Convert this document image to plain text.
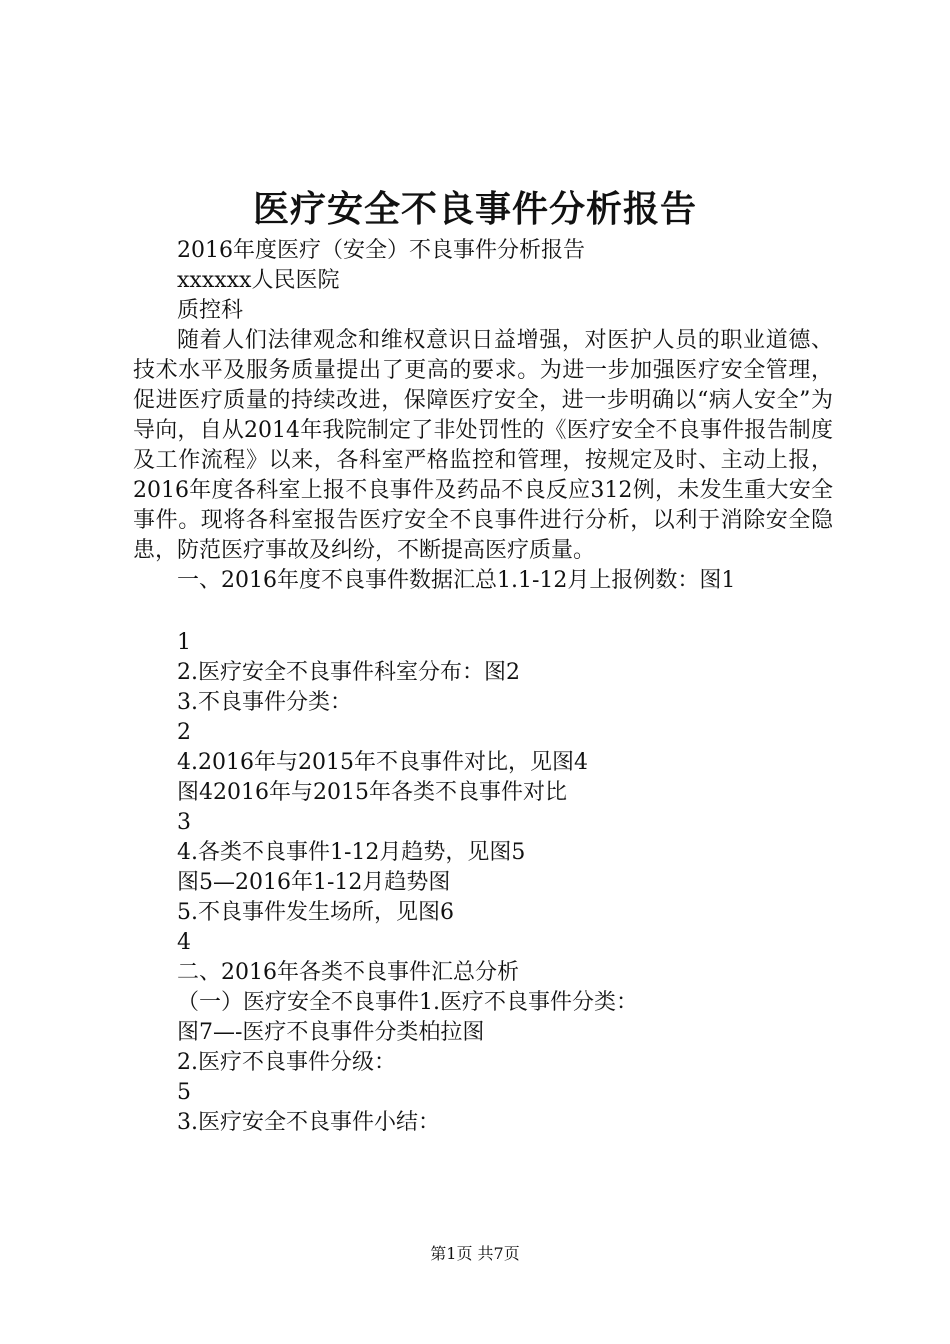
医疗安全不良事件分析报告
2016年度医疗（安全）不良事件分析报告
xxxxxx人民医院
质控科
随着人们法律观念和维权意识日益增强，对医护人员的职业道德、技术水平及服务质量提出了更高的要求。为进一步加强医疗安全管理，促进医疗质量的持续改进，保障医疗安全，进一步明确以“病人安全”为导向，自从2014年我院制定了非处罚性的《医疗安全不良事件报告制度及工作流程》以来，各科室严格监控和管理，按规定及时、主动上报，2016年度各科室上报不良事件及药品不良反应312例，未发生重大安全事件。现将各科室报告医疗安全不良事件进行分析，以利于消除安全隐患，防范医疗事故及纠纷，不断提高医疗质量。
一、2016年度不良事件数据汇总1.1-12月上报例数：图1
1
2.医疗安全不良事件科室分布：图2
3.不良事件分类：
2
4.2016年与2015年不良事件对比，见图4
图42016年与2015年各类不良事件对比
3
4.各类不良事件1-12月趋势，见图5
图5—2016年1-12月趋势图
5.不良事件发生场所，见图6
4
二、2016年各类不良事件汇总分析
（一）医疗安全不良事件1.医疗不良事件分类：
图7—-医疗不良事件分类柏拉图
2.医疗不良事件分级：
5
3.医疗安全不良事件小结：
第1页 共7页
